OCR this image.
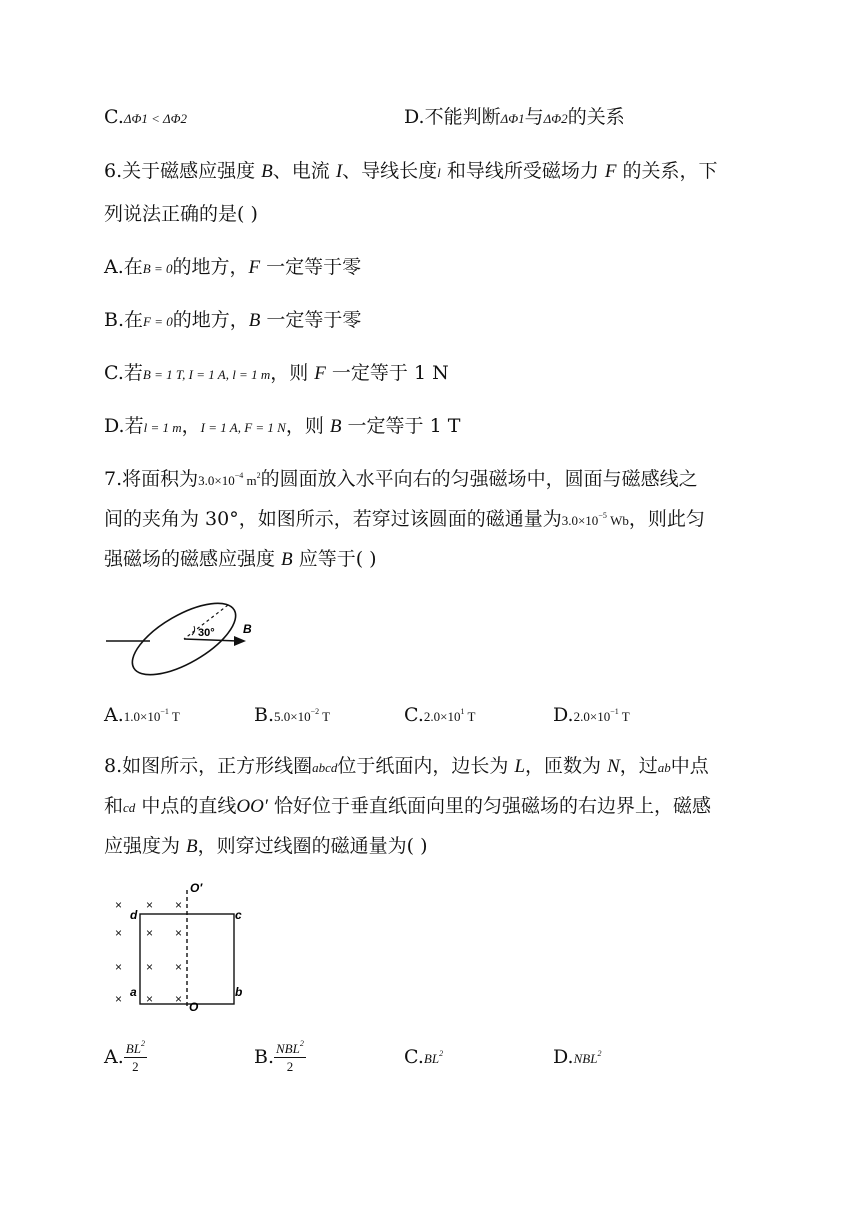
C.ΔΦ1 < ΔΦ2	D.不能判断ΔΦ1与ΔΦ2的关系
6.关于磁感应强度 B、电流 I、导线长度l 和导线所受磁场力 F 的关系，下
列说法正确的是( )
A.在B = 0的地方，F 一定等于零
B.在F = 0的地方，B 一定等于零
C.若B = 1 T, I = 1 A, l = 1 m，则 F 一定等于 1 N
D.若l = 1 m，I = 1 A, F = 1 N，则 B 一定等于 1 T
7.将面积为$3.0\times 10^{-4}$ $m^2$的圆面放入水平向右的匀强磁场中，圆面与磁感线之
间的夹角为 30°，如图所示，若穿过该圆面的磁通量为$3.0\times 10^{-5}$ Wb，则此匀
强磁场的磁感应强度 B 应等于( )
30° B
$A.1.0\times 10^{-1}$ T	$B.5.0\times 10^{-2}$ T	$C.2.0\times 10^1$ T	$D.2.0\times 10^{-1}$ T
8.如图所示，正方形线圈abcd位于纸面内，边长为 L，匝数为 N，过ab中点
和cd 中点的直线OO′ 恰好位于垂直纸面向里的匀强磁场的右边界上，磁感
应强度为 B，则穿过线圈的磁通量为( )
× × ×
× × ×
× × ×
× × ×
O′
O
d
a
c
b
A. $\frac{BL^2}{2}$	B. $\frac{NBL^2}{2}$	$C.BL^2$	D.NBL$^2$
